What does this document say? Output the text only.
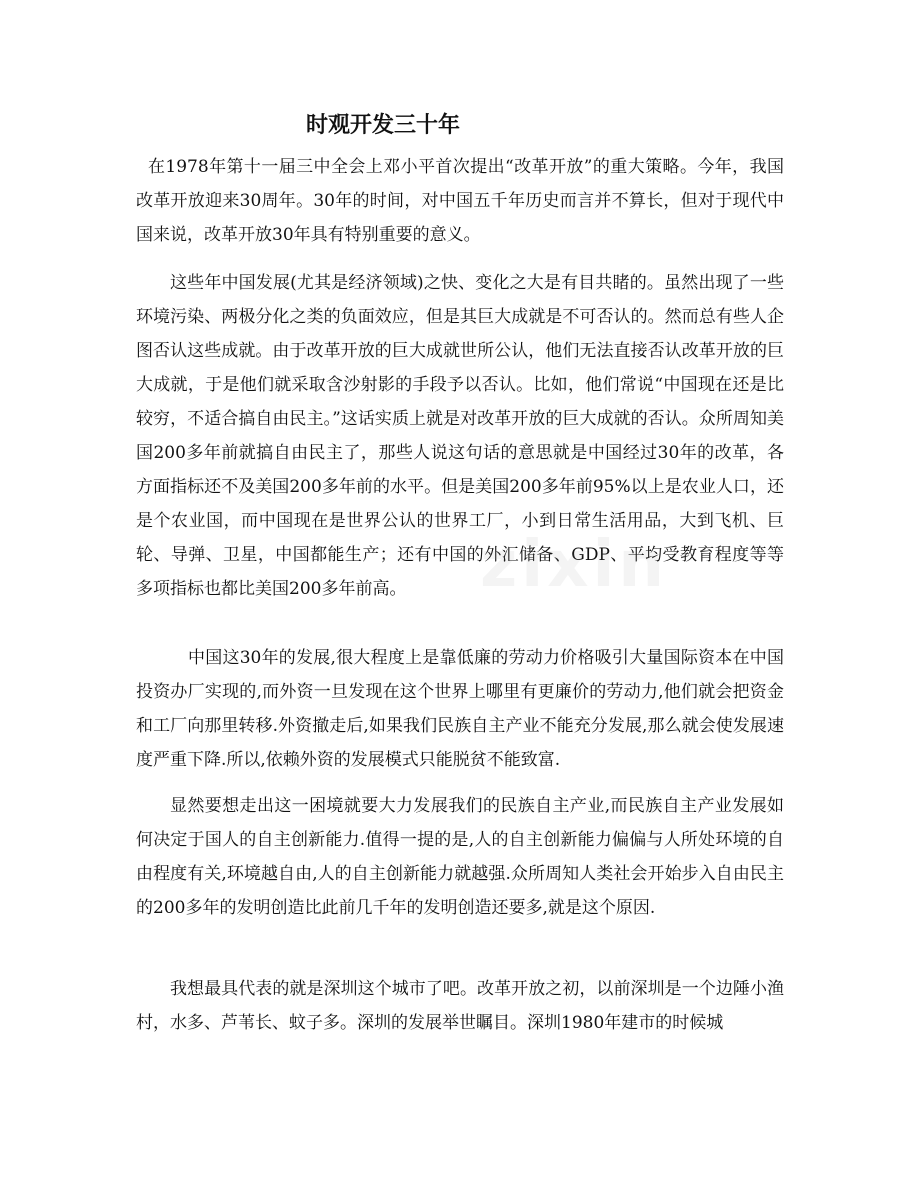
时观开发三十年

在1978年第十一届三中全会上邓小平首次提出“改革开放”的重大策略。今年，我国改革开放迎来30周年。30年的时间，对中国五千年历史而言并不算长，但对于现代中国来说，改革开放30年具有特别重要的意义。

这些年中国发展(尤其是经济领域)之快、变化之大是有目共睹的。虽然出现了一些环境污染、两极分化之类的负面效应，但是其巨大成就是不可否认的。然而总有些人企图否认这些成就。由于改革开放的巨大成就世所公认，他们无法直接否认改革开放的巨大成就，于是他们就采取含沙射影的手段予以否认。比如，他们常说“中国现在还是比较穷，不适合搞自由民主。”这话实质上就是对改革开放的巨大成就的否认。众所周知美国200多年前就搞自由民主了，那些人说这句话的意思就是中国经过30年的改革，各方面指标还不及美国200多年前的水平。但是美国200多年前95%以上是农业人口，还是个农业国，而中国现在是世界公认的世界工厂，小到日常生活用品，大到飞机、巨轮、导弹、卫星，中国都能生产；还有中国的外汇储备、GDP、平均受教育程度等等多项指标也都比美国200多年前高。

中国这30年的发展,很大程度上是靠低廉的劳动力价格吸引大量国际资本在中国投资办厂实现的,而外资一旦发现在这个世界上哪里有更廉价的劳动力,他们就会把资金和工厂向那里转移.外资撤走后,如果我们民族自主产业不能充分发展,那么就会使发展速度严重下降.所以,依赖外资的发展模式只能脱贫不能致富.

显然要想走出这一困境就要大力发展我们的民族自主产业,而民族自主产业发展如何决定于国人的自主创新能力.值得一提的是,人的自主创新能力偏偏与人所处环境的自由程度有关,环境越自由,人的自主创新能力就越强.众所周知人类社会开始步入自由民主的200多年的发明创造比此前几千年的发明创造还要多,就是这个原因.

我想最具代表的就是深圳这个城市了吧。改革开放之初，以前深圳是一个边陲小渔村，水多、芦苇长、蚊子多。深圳的发展举世瞩目。深圳1980年建市的时候城

zixin
